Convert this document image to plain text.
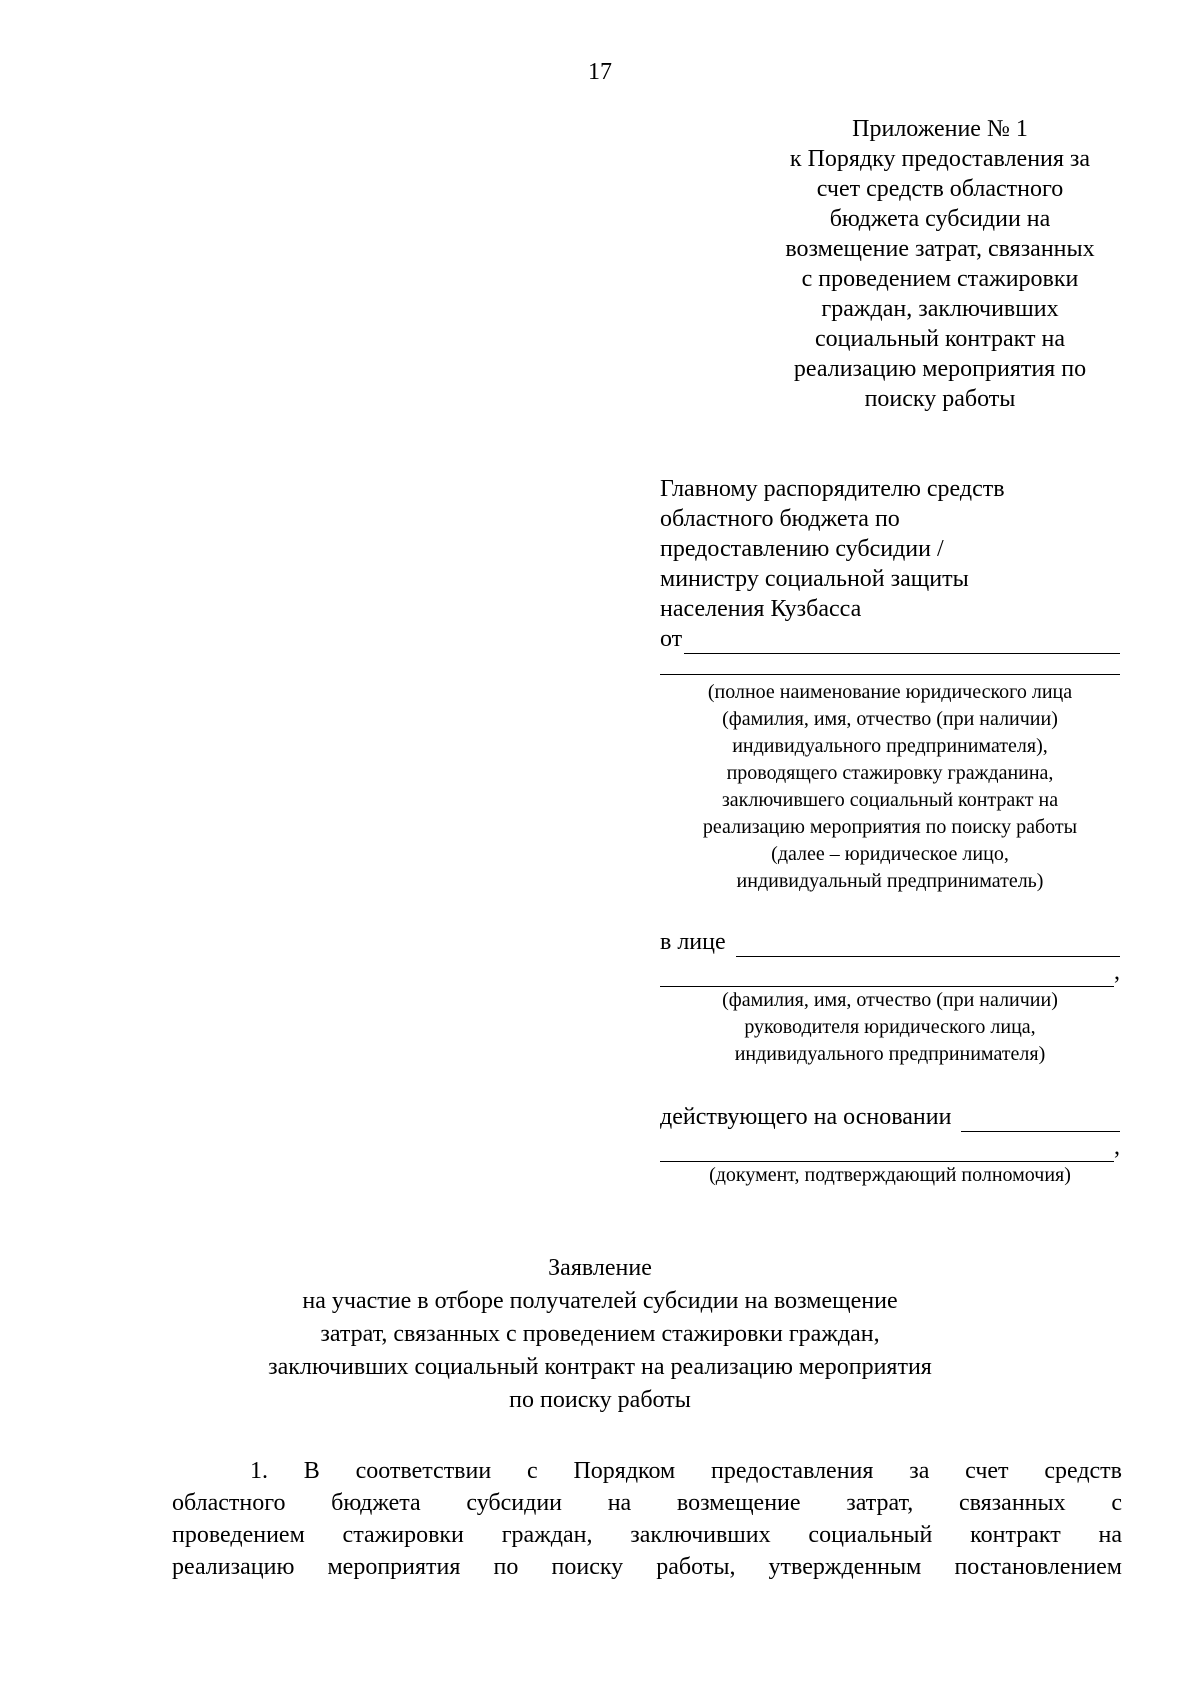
17
Приложение № 1
к Порядку предоставления за
счет средств областного
бюджета субсидии на
возмещение затрат, связанных
с проведением стажировки
граждан, заключивших
социальный контракт на
реализацию мероприятия по
поиску работы
Главному распорядителю средств
областного бюджета по
предоставлению субсидии /
министру социальной защиты
населения Кузбасса
от
(полное наименование юридического лица
(фамилия, имя, отчество (при наличии)
индивидуального предпринимателя),
проводящего стажировку гражданина,
заключившего социальный контракт на
реализацию мероприятия по поиску работы
(далее – юридическое лицо,
индивидуальный предприниматель)
в лице
,
(фамилия, имя, отчество (при наличии)
руководителя юридического лица,
индивидуального предпринимателя)
действующего на основании
,
(документ, подтверждающий полномочия)
Заявление
на участие в отборе получателей субсидии на возмещение
затрат, связанных с проведением стажировки граждан,
заключивших социальный контракт на реализацию мероприятия
по поиску работы
1. В соответствии с Порядком предоставления за счет средств
областного бюджета субсидии на возмещение затрат, связанных с
проведением стажировки граждан, заключивших социальный контракт на
реализацию мероприятия по поиску работы, утвержденным постановлением
